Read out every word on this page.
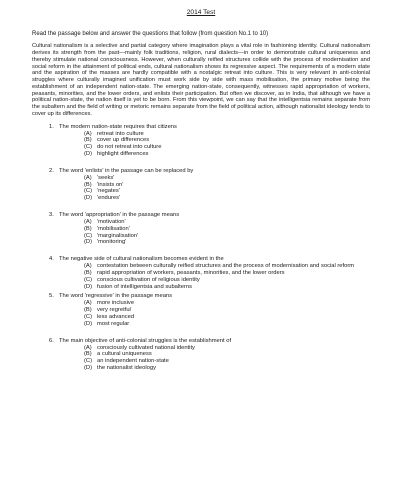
2014 Test

Read the passage below and answer the questions that follow (from question No.1 to 10)

Cultural nationalism is a selective and partial category where imagination plays a vital role in fashioning identity. Cultural nationalism derives its strength from the past—mainly folk traditions, religion, rural dialects—in order to demonstrate cultural uniqueness and thereby stimulate national consciousness. However, when culturally reified structures collide with the process of modernisation and social reform in the attainment of political ends, cultural nationalism shows its regressive aspect. The requirements of a modern state and the aspiration of the masses are hardly compatible with a nostalgic retreat into culture. This is very relevant in anti-colonial struggles where culturally imagined unification must work side by side with mass mobilisation, the primary motive being the establishment of an independent nation-state. The emerging nation-state, consequently, witnesses rapid appropriation of workers, peasants, minorities, and the lower orders, and enlists their participation. But often we discover, as in India, that although we have a political nation-state, the nation itself is yet to be born. From this viewpoint, we can say that the intelligentsia remains separate from the subaltern and the field of writing or metoric remains separate from the field of political action, although nationalist ideology tends to cover up its differences.

1. The modern nation-state requires that citizens
(A) retreat into culture
(B) cover up differences
(C) do not retreat into culture
(D) highlight differences
2. The word 'enlists' in the passage can be replaced by
(A) 'seeks'
(B) 'insists on'
(C) 'negates'
(D) 'endures'
3. The word 'appropriation' in the passage means
(A) 'motivation'
(B) 'mobilisation'
(C) 'marginalisation'
(D) 'monitoring'
4. The negative side of cultural nationalism becomes evident in the
(A) contestation between culturally reified structures and the process of modernisation and social reform
(B) rapid appropriation of workers, peasants, minorities, and the lower orders
(C) conscious cultivation of religious identity
(D) fusion of intelligentsia and subalterns
5. The word 'regressive' in the passage means
(A) more inclusive
(B) very regretful
(C) less advanced
(D) most regular
6. The main objective of anti-colonial struggles is the establishment of
(A) consciously cultivated national identity
(B) a cultural uniqueness
(C) an independent nation-state
(D) the nationalist ideology
